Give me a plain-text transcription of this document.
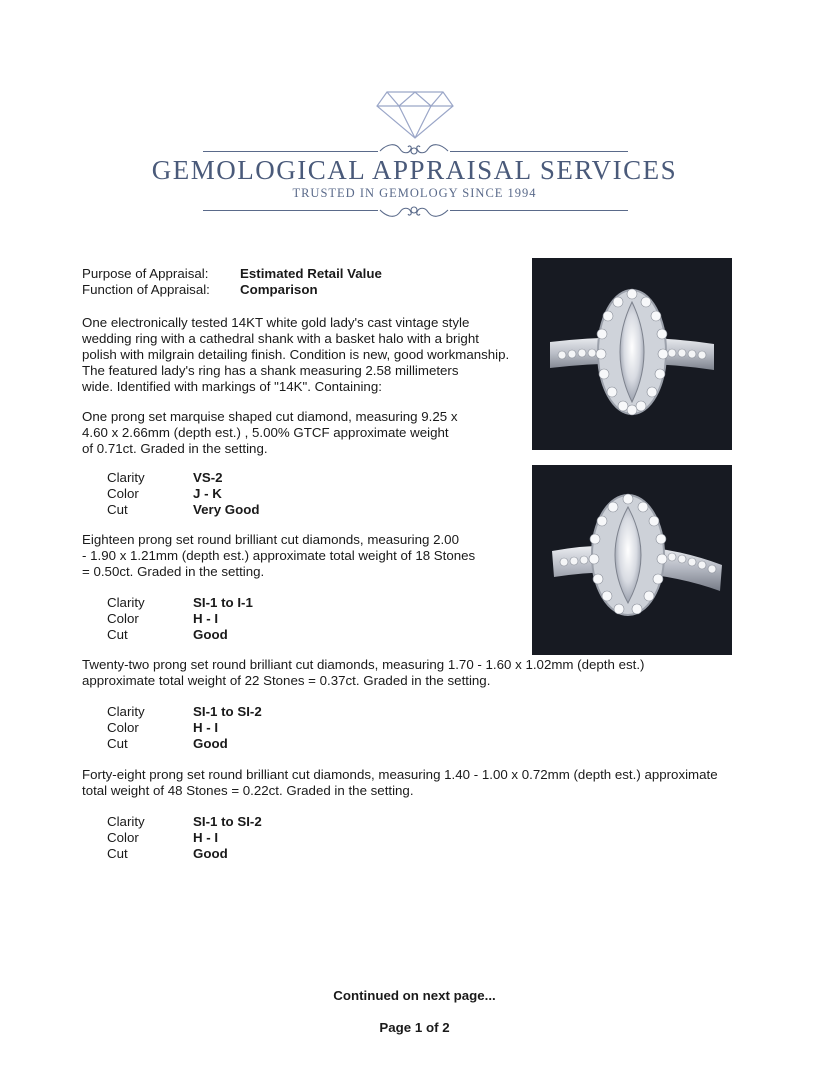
GEMOLOGICAL APPRAISAL SERVICES
TRUSTED IN GEMOLOGY SINCE 1994
Purpose of Appraisal:	Estimated Retail Value
Function of Appraisal:	Comparison
One electronically tested 14KT white gold lady's cast vintage style
wedding ring with a cathedral shank with a basket halo with a bright
polish with milgrain detailing finish. Condition is new, good workmanship.
The featured lady's ring has a shank measuring 2.58 millimeters
wide. Identified with markings of "14K". Containing:
One prong set marquise shaped cut diamond, measuring 9.25 x
4.60 x 2.66mm (depth est.) , 5.00% GTCF approximate weight
of 0.71ct. Graded in the setting.
Clarity	VS-2
Color	J - K
Cut	Very Good
Eighteen prong set round brilliant cut diamonds, measuring 2.00
- 1.90 x 1.21mm (depth est.) approximate total weight of 18 Stones
= 0.50ct. Graded in the setting.
Clarity	SI-1 to I-1
Color	H - I
Cut	Good
Twenty-two prong set round brilliant cut diamonds, measuring 1.70 - 1.60 x 1.02mm (depth est.)
approximate total weight of 22 Stones = 0.37ct. Graded in the setting.
Clarity	SI-1 to SI-2
Color	H - I
Cut	Good
Forty-eight prong set round brilliant cut diamonds, measuring 1.40 - 1.00 x 0.72mm (depth est.) approximate
total weight of 48 Stones = 0.22ct. Graded in the setting.
Clarity	SI-1 to SI-2
Color	H - I
Cut	Good
Continued on next page...
Page 1 of 2
